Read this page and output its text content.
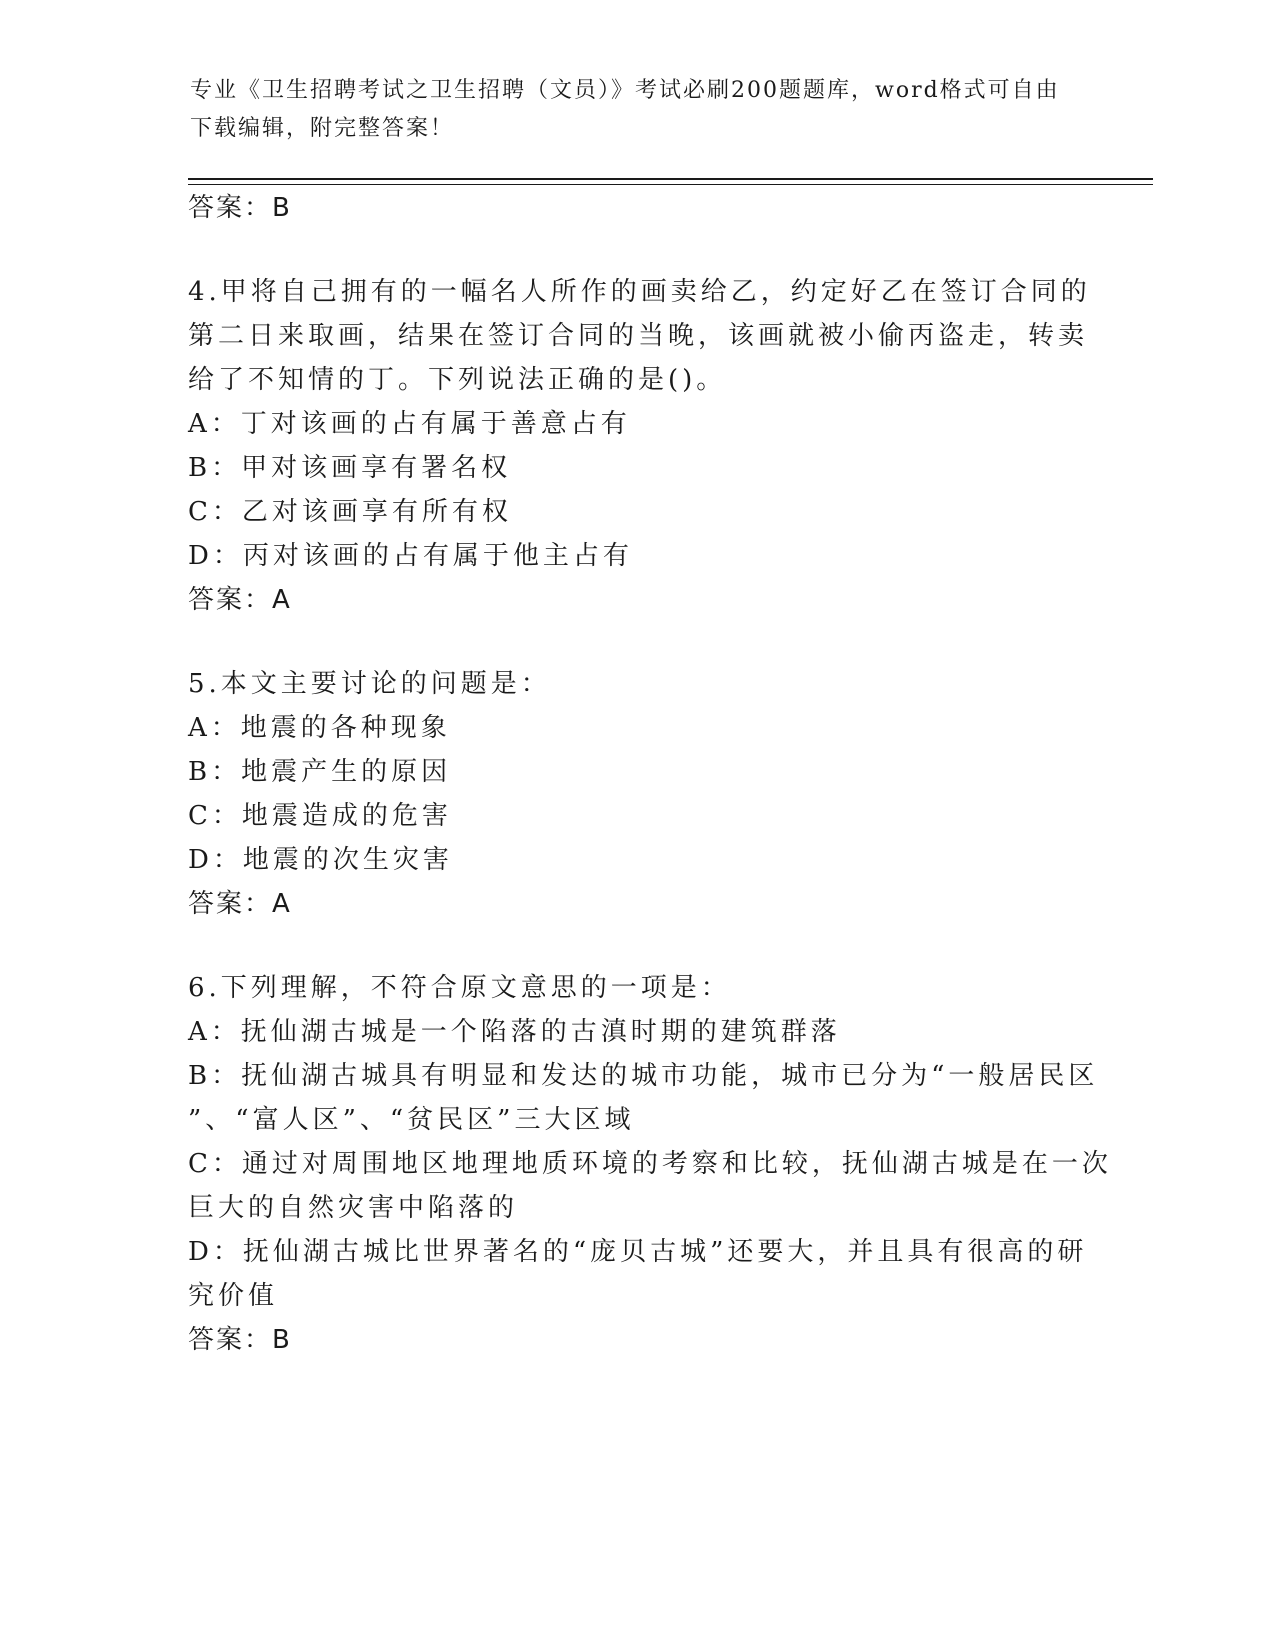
专业《卫生招聘考试之卫生招聘（文员）》考试必刷200题题库，word格式可自由下载编辑，附完整答案！
答案：B
4.甲将自己拥有的一幅名人所作的画卖给乙，约定好乙在签订合同的
第二日来取画，结果在签订合同的当晚，该画就被小偷丙盗走，转卖
给了不知情的丁。下列说法正确的是()。
A：丁对该画的占有属于善意占有
B：甲对该画享有署名权
C：乙对该画享有所有权
D：丙对该画的占有属于他主占有
答案：A
5.本文主要讨论的问题是：
A：地震的各种现象
B：地震产生的原因
C：地震造成的危害
D：地震的次生灾害
答案：A
6.下列理解，不符合原文意思的一项是：
A：抚仙湖古城是一个陷落的古滇时期的建筑群落
B：抚仙湖古城具有明显和发达的城市功能，城市已分为“一般居民区
”、“富人区”、“贫民区”三大区域
C：通过对周围地区地理地质环境的考察和比较，抚仙湖古城是在一次
巨大的自然灾害中陷落的
D：抚仙湖古城比世界著名的“庞贝古城”还要大，并且具有很高的研
究价值
答案：B
